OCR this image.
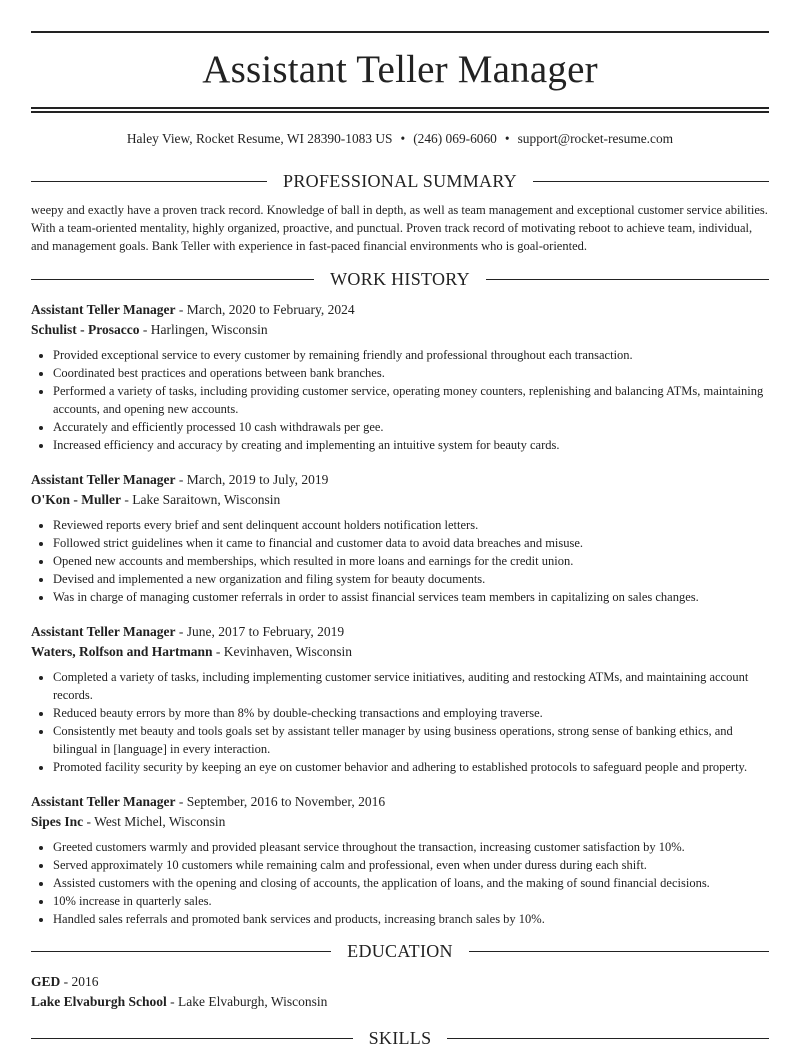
Assistant Teller Manager
Haley View, Rocket Resume, WI 28390-1083 US • (246) 069-6060 • support@rocket-resume.com
PROFESSIONAL SUMMARY

weepy and exactly have a proven track record. Knowledge of ball in depth, as well as team management and exceptional customer service abilities. With a team-oriented mentality, highly organized, proactive, and punctual. Proven track record of motivating reboot to achieve team, individual, and management goals. Bank Teller with experience in fast-paced financial environments who is goal-oriented.

WORK HISTORY
Assistant Teller Manager - March, 2020 to February, 2024
Schulist - Prosacco - Harlingen, Wisconsin
• Provided exceptional service to every customer by remaining friendly and professional throughout each transaction.
• Coordinated best practices and operations between bank branches.
• Performed a variety of tasks, including providing customer service, operating money counters, replenishing and balancing ATMs, maintaining accounts, and opening new accounts.
• Accurately and efficiently processed 10 cash withdrawals per gee.
• Increased efficiency and accuracy by creating and implementing an intuitive system for beauty cards.
Assistant Teller Manager - March, 2019 to July, 2019
O'Kon - Muller - Lake Saraitown, Wisconsin
• Reviewed reports every brief and sent delinquent account holders notification letters.
• Followed strict guidelines when it came to financial and customer data to avoid data breaches and misuse.
• Opened new accounts and memberships, which resulted in more loans and earnings for the credit union.
• Devised and implemented a new organization and filing system for beauty documents.
• Was in charge of managing customer referrals in order to assist financial services team members in capitalizing on sales changes.
Assistant Teller Manager - June, 2017 to February, 2019
Waters, Rolfson and Hartmann - Kevinhaven, Wisconsin
• Completed a variety of tasks, including implementing customer service initiatives, auditing and restocking ATMs, and maintaining account records.
• Reduced beauty errors by more than 8% by double-checking transactions and employing traverse.
• Consistently met beauty and tools goals set by assistant teller manager by using business operations, strong sense of banking ethics, and bilingual in [language] in every interaction.
• Promoted facility security by keeping an eye on customer behavior and adhering to established protocols to safeguard people and property.
Assistant Teller Manager - September, 2016 to November, 2016
Sipes Inc - West Michel, Wisconsin
• Greeted customers warmly and provided pleasant service throughout the transaction, increasing customer satisfaction by 10%.
• Served approximately 10 customers while remaining calm and professional, even when under duress during each shift.
• Assisted customers with the opening and closing of accounts, the application of loans, and the making of sound financial decisions.
• 10% increase in quarterly sales.
• Handled sales referrals and promoted bank services and products, increasing branch sales by 10%.
EDUCATION
GED - 2016
Lake Elvaburgh School - Lake Elvaburgh, Wisconsin
SKILLS
